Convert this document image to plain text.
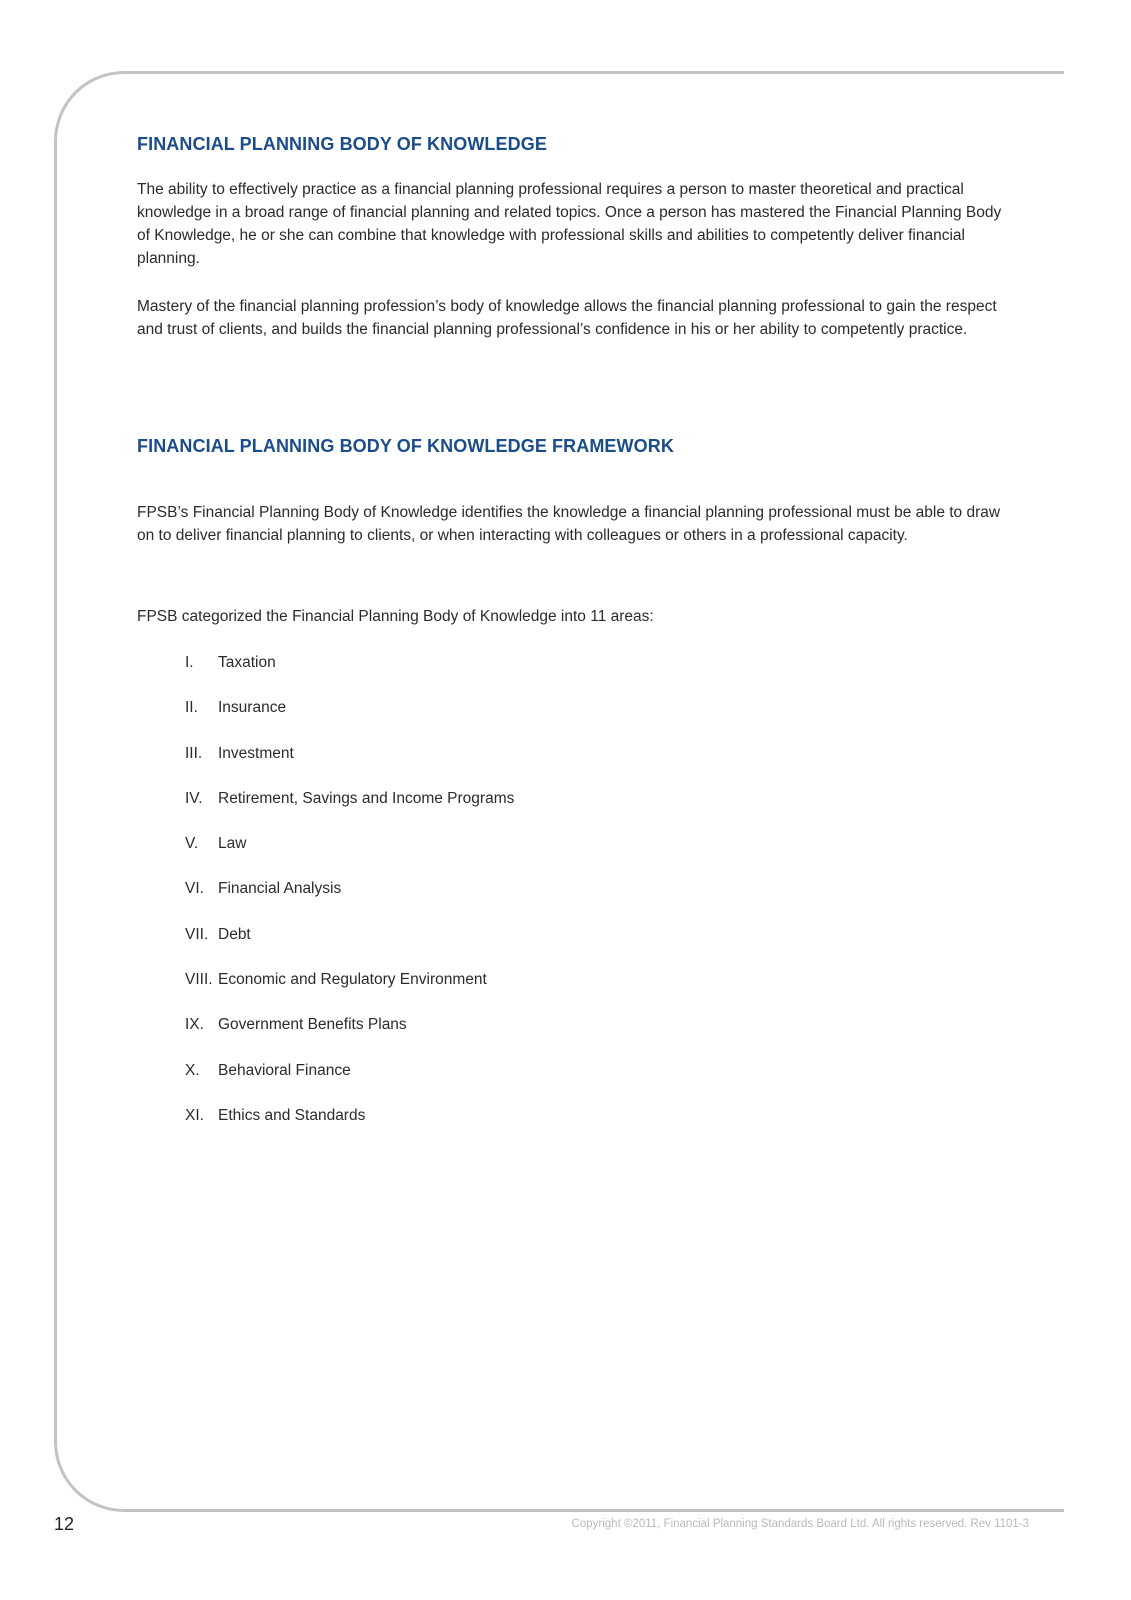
FINANCIAL PLANNING BODY OF KNOWLEDGE

The ability to effectively practice as a financial planning professional requires a person to master theoretical and practical knowledge in a broad range of financial planning and related topics. Once a person has mastered the Financial Planning Body of Knowledge, he or she can combine that knowledge with professional skills and abilities to competently deliver financial planning.

Mastery of the financial planning profession’s body of knowledge allows the financial planning professional to gain the respect and trust of clients, and builds the financial planning professional’s confidence in his or her ability to competently practice.

FINANCIAL PLANNING BODY OF KNOWLEDGE FRAMEWORK

FPSB’s Financial Planning Body of Knowledge identifies the knowledge a financial planning professional must be able to draw on to deliver financial planning to clients, or when interacting with colleagues or others in a professional capacity.

FPSB categorized the Financial Planning Body of Knowledge into 11 areas:

I.	Taxation
II.	Insurance
III.	Investment
IV. Retirement, Savings and Income Programs
V.	Law
VI. Financial Analysis
VII. Debt
VIII. Economic and Regulatory Environment
IX. Government Benefits Plans
X.	Behavioral Finance
XI. Ethics and Standards
12	Copyright ©2011, Financial Planning Standards Board Ltd. All rights reserved. Rev 1101-3
